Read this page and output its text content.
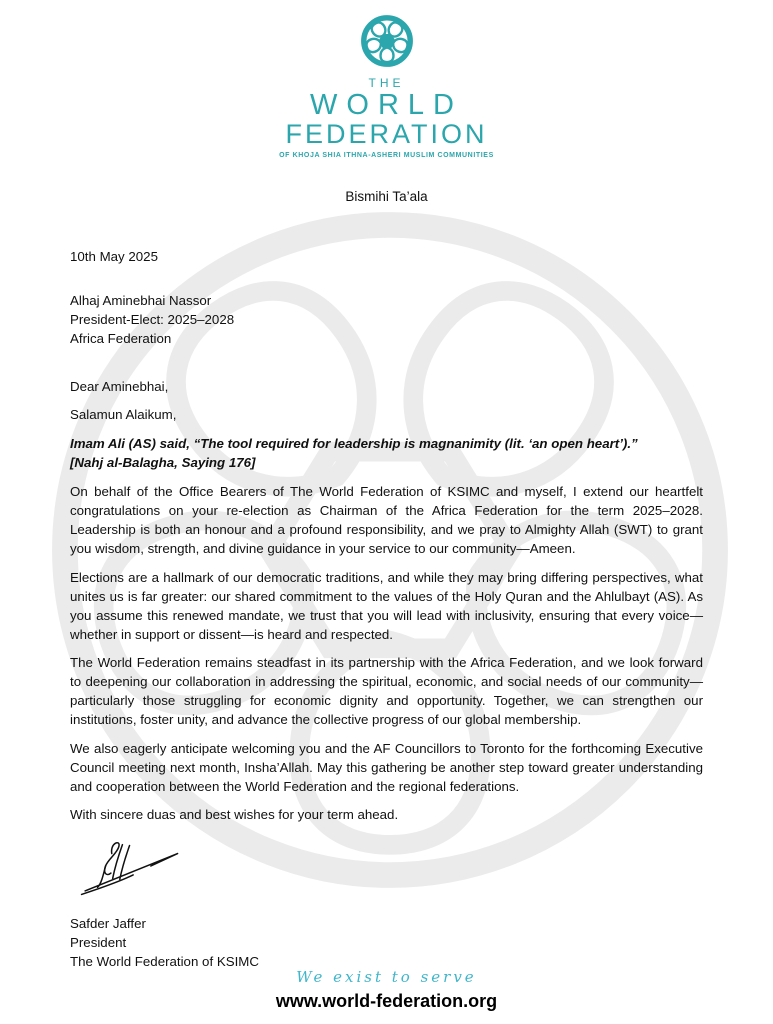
THE
WORLD
FEDERATION
OF KHOJA SHIA ITHNA-ASHERI MUSLIM COMMUNITIES
Bismihi Ta’ala
10th May 2025
Alhaj Aminebhai Nassor
President-Elect: 2025–2028
Africa Federation
Dear Aminebhai,
Salamun Alaikum,
Imam Ali (AS) said, “The tool required for leadership is magnanimity (lit. ‘an open heart’).”
[Nahj al-Balagha, Saying 176]

On behalf of the Office Bearers of The World Federation of KSIMC and myself, I extend our heartfelt congratulations on your re-election as Chairman of the Africa Federation for the term 2025–2028. Leadership is both an honour and a profound responsibility, and we pray to Almighty Allah (SWT) to grant you wisdom, strength, and divine guidance in your service to our community—Ameen.

Elections are a hallmark of our democratic traditions, and while they may bring differing perspectives, what unites us is far greater: our shared commitment to the values of the Holy Quran and the Ahlulbayt (AS). As you assume this renewed mandate, we trust that you will lead with inclusivity, ensuring that every voice—whether in support or dissent—is heard and respected.

The World Federation remains steadfast in its partnership with the Africa Federation, and we look forward to deepening our collaboration in addressing the spiritual, economic, and social needs of our community—particularly those struggling for economic dignity and opportunity. Together, we can strengthen our institutions, foster unity, and advance the collective progress of our global membership.

We also eagerly anticipate welcoming you and the AF Councillors to Toronto for the forthcoming Executive Council meeting next month, Insha’Allah. May this gathering be another step toward greater understanding and cooperation between the World Federation and the regional federations.

With sincere duas and best wishes for your term ahead.

Safder Jaffer
President
The World Federation of KSIMC
We exist to serve
www.world-federation.org
